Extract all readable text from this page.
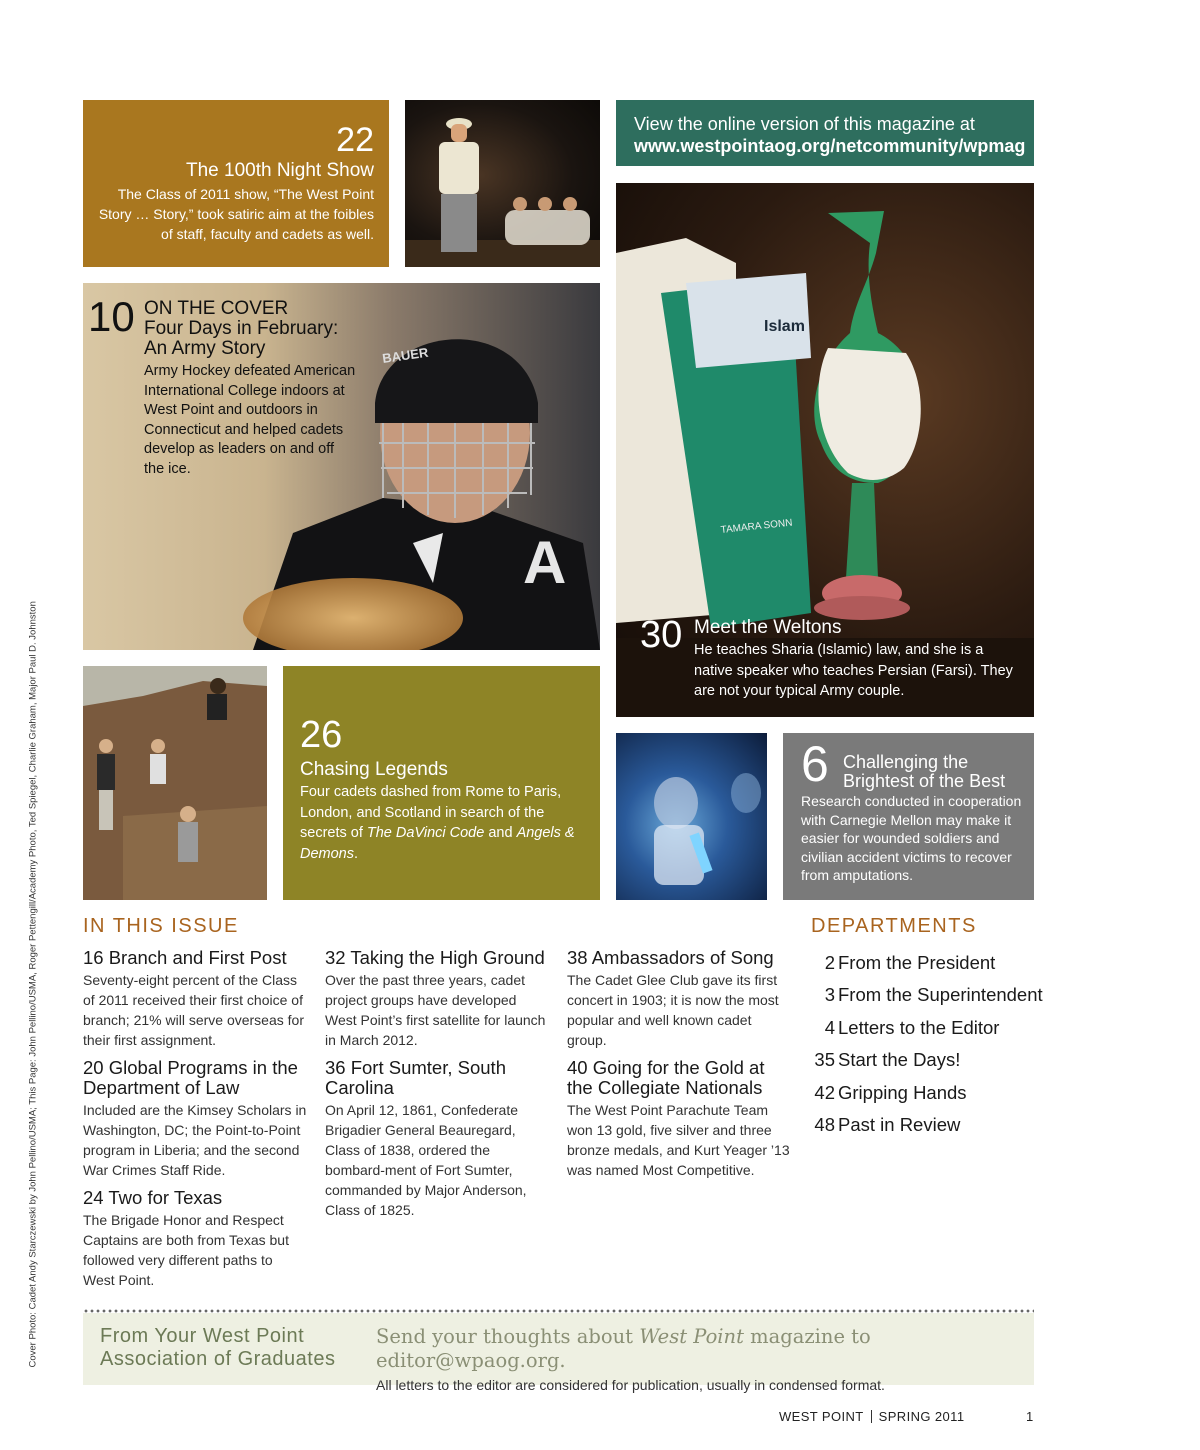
22
The 100th Night Show
The Class of 2011 show, “The West Point Story … Story,” took satiric aim at the foibles of staff, faculty and cadets as well.
View the online version of this magazine at
www.westpointaog.org/netcommunity/wpmag
A
BAUER
10 ON THE COVER
Four Days in February:
An Army Story
Army Hockey defeated American International College indoors at West Point and outdoors in Connecticut and helped cadets develop as leaders on and off the ice.
Islam
TAMARA SONN
30 Meet the Weltons
He teaches Sharia (Islamic) law, and she is a native speaker who teaches Persian (Farsi). They are not your typical Army couple.
26
Chasing Legends
Four cadets dashed from Rome to Paris, London, and Scotland in search of the secrets of The DaVinci Code and Angels & Demons.
6 Challenging the
Brightest of the Best
Research conducted in cooperation with Carnegie Mellon may make it easier for wounded soldiers and civilian accident victims to recover from amputations.
IN THIS ISSUE
16 Branch and First Post
Seventy-eight percent of the Class of 2011 received their first choice of branch; 21% will serve overseas for their first assignment.
20 Global Programs in the Department of Law
Included are the Kimsey Scholars in Washington, DC; the Point-to-Point program in Liberia; and the second War Crimes Staff Ride.
24 Two for Texas
The Brigade Honor and Respect Captains are both from Texas but followed very different paths to West Point.
32 Taking the High Ground
Over the past three years, cadet project groups have developed West Point’s first satellite for launch in March 2012.
36 Fort Sumter, South Carolina
On April 12, 1861, Confederate Brigadier General Beauregard, Class of 1838, ordered the bombard-ment of Fort Sumter, commanded by Major Anderson, Class of 1825.
38 Ambassadors of Song
The Cadet Glee Club gave its first concert in 1903; it is now the most popular and well known cadet group.
40 Going for the Gold at the Collegiate Nationals
The West Point Parachute Team won 13 gold, five silver and three bronze medals, and Kurt Yeager ’13 was named Most Competitive.
DEPARTMENTS
2 From the President
3 From the Superintendent
4 Letters to the Editor
35 Start the Days!
42 Gripping Hands
48 Past in Review
From Your West Point
Association of Graduates
Send your thoughts about West Point magazine to editor@wpaog.org.
All letters to the editor are considered for publication, usually in condensed format.
Cover Photo: Cadet Andy Starczewski by John Pellino/USMA; This Page: John Pellino/USMA, Roger Pettengill/Academy Photo, Ted Spiegel, Charlie Graham, Major Paul D. Johnston
WEST POINT SPRING 2011	1
